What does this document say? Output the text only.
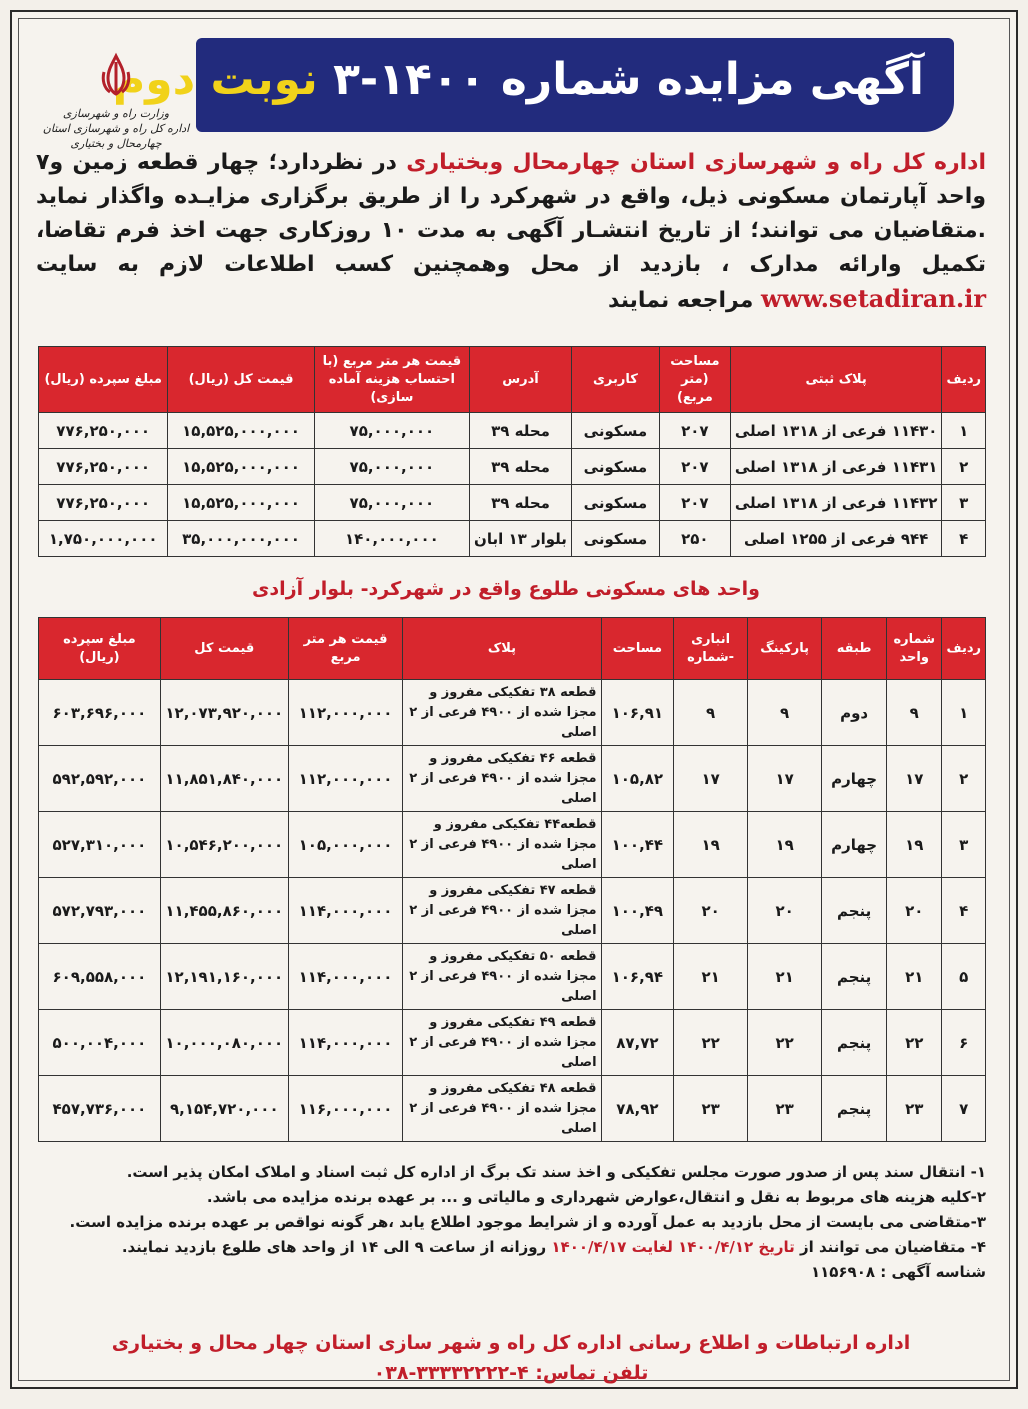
آگهی مزایده شماره ۱۴۰۰-۳ نوبت دوم
وزارت راه و شهرسازی
اداره کل راه و شهرسازی استان
چهارمحال و بختیاری
اداره کل راه و شهرسازی استان چهارمحال وبختیاری در نظردارد؛ چهار قطعه زمین و۷ واحد آپارتمان مسکونی ذیل، واقع در شهرکرد را از طریق برگزاری مزایـده واگذار نماید .متقاضیان می توانند؛ از تاریخ انتشـار آگهی به مدت ۱۰ روزکاری جهت اخذ فرم تقاضا، تکمیل وارائه مدارک ، بازدید از محل وهمچنین کسب اطلاعات لازم به سایت www.setadiran.ir مراجعه نمایند
ردیف	پلاک ثبتی	مساحت (متر مربع)	کاربری	آدرس	قیمت هر متر مربع (با احتساب هزینه آماده سازی)	قیمت کل (ریال)	مبلغ سپرده (ریال)
۱	۱۱۴۳۰ فرعی از ۱۳۱۸ اصلی	۲۰۷	مسکونی	محله ۳۹	۷۵,۰۰۰,۰۰۰	۱۵,۵۲۵,۰۰۰,۰۰۰	۷۷۶,۲۵۰,۰۰۰
۲	۱۱۴۳۱ فرعی از ۱۳۱۸ اصلی	۲۰۷	مسکونی	محله ۳۹	۷۵,۰۰۰,۰۰۰	۱۵,۵۲۵,۰۰۰,۰۰۰	۷۷۶,۲۵۰,۰۰۰
۳	۱۱۴۳۲ فرعی از ۱۳۱۸ اصلی	۲۰۷	مسکونی	محله ۳۹	۷۵,۰۰۰,۰۰۰	۱۵,۵۲۵,۰۰۰,۰۰۰	۷۷۶,۲۵۰,۰۰۰
۴	۹۴۴ فرعی از ۱۲۵۵ اصلی	۲۵۰	مسکونی	بلوار ۱۳ ابان	۱۴۰,۰۰۰,۰۰۰	۳۵,۰۰۰,۰۰۰,۰۰۰	۱,۷۵۰,۰۰۰,۰۰۰
واحد های مسکونی طلوع واقع در شهرکرد- بلوار آزادی
ردیف	شماره واحد	طبقه	پارکینگ	انباری -شماره	مساحت	پلاک	قیمت هر متر مربع	قیمت کل	مبلغ سپرده (ریال)
۱	۹	دوم	۹	۹	۱۰۶,۹۱	قطعه ۳۸ تفکیکی مفروز و مجزا شده از ۴۹۰۰ فرعی از ۲ اصلی	۱۱۲,۰۰۰,۰۰۰	۱۲,۰۷۳,۹۲۰,۰۰۰	۶۰۳,۶۹۶,۰۰۰
۲	۱۷	چهارم	۱۷	۱۷	۱۰۵,۸۲	قطعه ۴۶ تفکیکی مفروز و مجزا شده از ۴۹۰۰ فرعی از ۲ اصلی	۱۱۲,۰۰۰,۰۰۰	۱۱,۸۵۱,۸۴۰,۰۰۰	۵۹۲,۵۹۲,۰۰۰
۳	۱۹	چهارم	۱۹	۱۹	۱۰۰,۴۴	قطعه۴۴ تفکیکی مفروز و مجزا شده از ۴۹۰۰ فرعی از ۲ اصلی	۱۰۵,۰۰۰,۰۰۰	۱۰,۵۴۶,۲۰۰,۰۰۰	۵۲۷,۳۱۰,۰۰۰
۴	۲۰	پنجم	۲۰	۲۰	۱۰۰,۴۹	قطعه ۴۷ تفکیکی مفروز و مجزا شده از ۴۹۰۰ فرعی از ۲ اصلی	۱۱۴,۰۰۰,۰۰۰	۱۱,۴۵۵,۸۶۰,۰۰۰	۵۷۲,۷۹۳,۰۰۰
۵	۲۱	پنجم	۲۱	۲۱	۱۰۶,۹۴	قطعه ۵۰ تفکیکی مفروز و مجزا شده از ۴۹۰۰ فرعی از ۲ اصلی	۱۱۴,۰۰۰,۰۰۰	۱۲,۱۹۱,۱۶۰,۰۰۰	۶۰۹,۵۵۸,۰۰۰
۶	۲۲	پنجم	۲۲	۲۲	۸۷,۷۲	قطعه ۴۹ تفکیکی مفروز و مجزا شده از ۴۹۰۰ فرعی از ۲ اصلی	۱۱۴,۰۰۰,۰۰۰	۱۰,۰۰۰,۰۸۰,۰۰۰	۵۰۰,۰۰۴,۰۰۰
۷	۲۳	پنجم	۲۳	۲۳	۷۸,۹۲	قطعه ۴۸ تفکیکی مفروز و مجزا شده از ۴۹۰۰ فرعی از ۲ اصلی	۱۱۶,۰۰۰,۰۰۰	۹,۱۵۴,۷۲۰,۰۰۰	۴۵۷,۷۳۶,۰۰۰
۱- انتقال سند پس از صدور صورت مجلس تفکیکی و اخذ سند تک برگ از اداره کل ثبت اسناد و املاک امکان پذیر است.
۲-کلیه هزینه های مربوط به نقل و انتقال،عوارض شهرداری و مالیاتی و ... بر عهده برنده مزایده می باشد.
۳-متقاضی می بایست از محل بازدید به عمل آورده و از شرایط موجود اطلاع یابد ،هر گونه نواقص بر عهده برنده مزایده است.
۴- متقاضیان می توانند از تاریخ ۱۴۰۰/۴/۱۲ لغایت ۱۴۰۰/۴/۱۷ روزانه از ساعت ۹ الی ۱۴ از واحد های طلوع بازدید نمایند.
شناسه آگهی : ۱۱۵۶۹۰۸
اداره ارتباطات و اطلاع رسانی اداره کل راه و شهر سازی استان چهار محال و بختیاری
تلفن تماس: ۴-۳۳۳۳۲۲۲۲-۰۳۸
